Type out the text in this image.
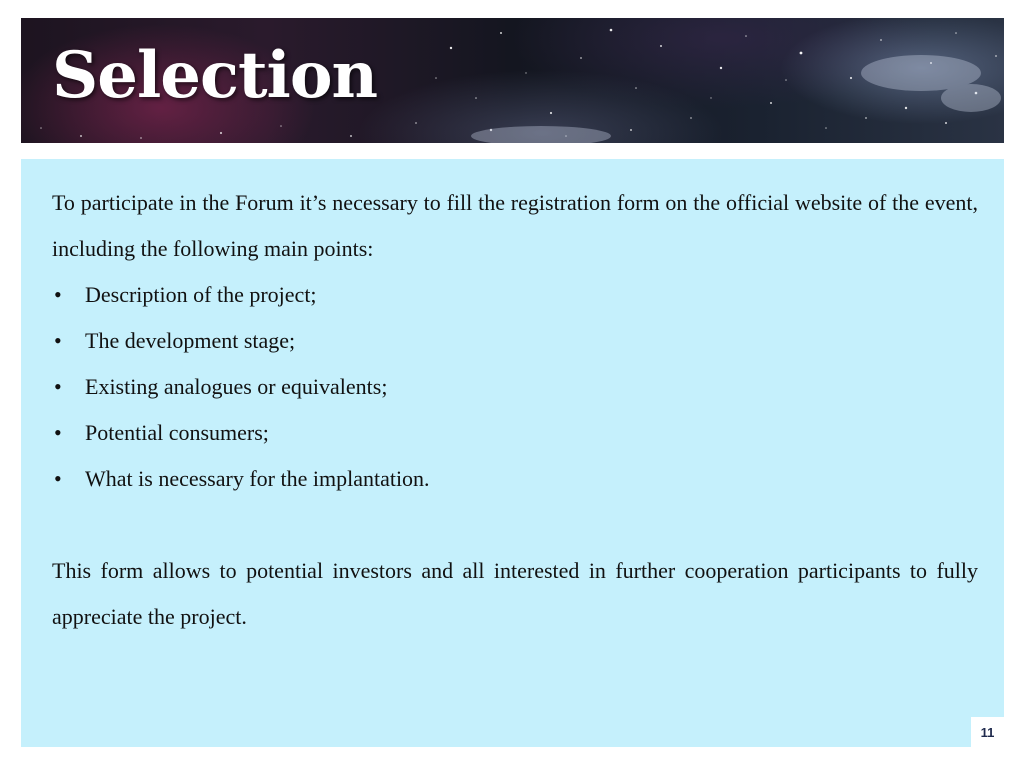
Selection

To participate in the Forum it’s necessary to fill the registration form on the official website of the event, including the following main points:

• Description of the project;
• The development stage;
• Existing analogues or equivalents;
• Potential consumers;
• What is necessary for the implantation.

This form allows to potential investors and all interested in further cooperation participants to fully appreciate the project.

11
